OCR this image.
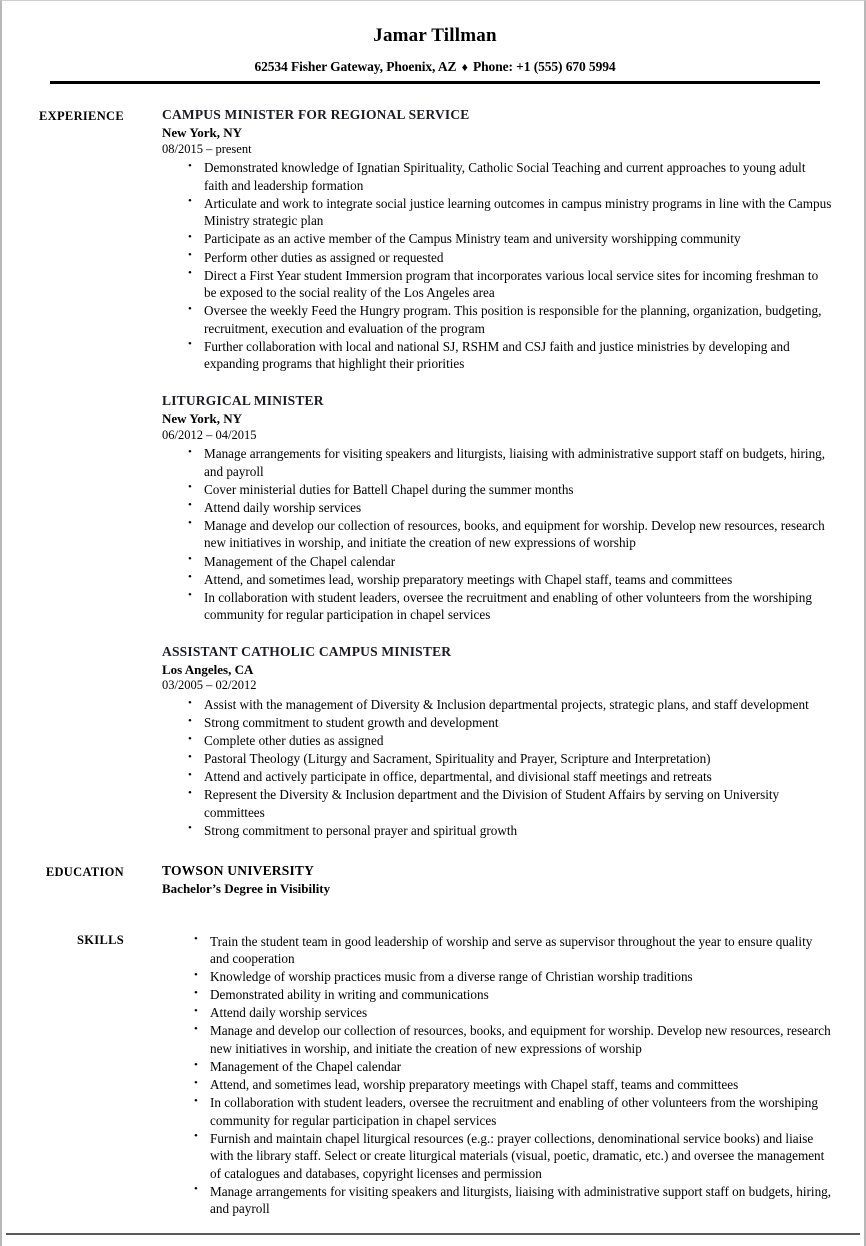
Jamar Tillman
62534 Fisher Gateway, Phoenix, AZ ♦ Phone: +1 (555) 670 5994
EXPERIENCE	CAMPUS MINISTER FOR REGIONAL SERVICE
New York, NY
08/2015 – present
• Demonstrated knowledge of Ignatian Spirituality, Catholic Social Teaching and current approaches to young adult faith and leadership formation
• Articulate and work to integrate social justice learning outcomes in campus ministry programs in line with the Campus Ministry strategic plan
• Participate as an active member of the Campus Ministry team and university worshipping community
• Perform other duties as assigned or requested
• Direct a First Year student Immersion program that incorporates various local service sites for incoming freshman to be exposed to the social reality of the Los Angeles area
• Oversee the weekly Feed the Hungry program. This position is responsible for the planning, organization, budgeting, recruitment, execution and evaluation of the program
• Further collaboration with local and national SJ, RSHM and CSJ faith and justice ministries by developing and expanding programs that highlight their priorities
LITURGICAL MINISTER
New York, NY
06/2012 – 04/2015
• Manage arrangements for visiting speakers and liturgists, liaising with administrative support staff on budgets, hiring, and payroll
• Cover ministerial duties for Battell Chapel during the summer months
• Attend daily worship services
• Manage and develop our collection of resources, books, and equipment for worship. Develop new resources, research new initiatives in worship, and initiate the creation of new expressions of worship
• Management of the Chapel calendar
• Attend, and sometimes lead, worship preparatory meetings with Chapel staff, teams and committees
• In collaboration with student leaders, oversee the recruitment and enabling of other volunteers from the worshiping community for regular participation in chapel services
ASSISTANT CATHOLIC CAMPUS MINISTER
Los Angeles, CA
03/2005 – 02/2012
• Assist with the management of Diversity & Inclusion departmental projects, strategic plans, and staff development
• Strong commitment to student growth and development
• Complete other duties as assigned
• Pastoral Theology (Liturgy and Sacrament, Spirituality and Prayer, Scripture and Interpretation)
• Attend and actively participate in office, departmental, and divisional staff meetings and retreats
• Represent the Diversity & Inclusion department and the Division of Student Affairs by serving on University committees
• Strong commitment to personal prayer and spiritual growth
EDUCATION	TOWSON UNIVERSITY
Bachelor’s Degree in Visibility
SKILLS	• Train the student team in good leadership of worship and serve as supervisor throughout the year to ensure quality and cooperation
• Knowledge of worship practices music from a diverse range of Christian worship traditions
• Demonstrated ability in writing and communications
• Attend daily worship services
• Manage and develop our collection of resources, books, and equipment for worship. Develop new resources, research new initiatives in worship, and initiate the creation of new expressions of worship
• Management of the Chapel calendar
• Attend, and sometimes lead, worship preparatory meetings with Chapel staff, teams and committees
• In collaboration with student leaders, oversee the recruitment and enabling of other volunteers from the worshiping community for regular participation in chapel services
• Furnish and maintain chapel liturgical resources (e.g.: prayer collections, denominational service books) and liaise with the library staff. Select or create liturgical materials (visual, poetic, dramatic, etc.) and oversee the management of catalogues and databases, copyright licenses and permission
• Manage arrangements for visiting speakers and liturgists, liaising with administrative support staff on budgets, hiring, and payroll
